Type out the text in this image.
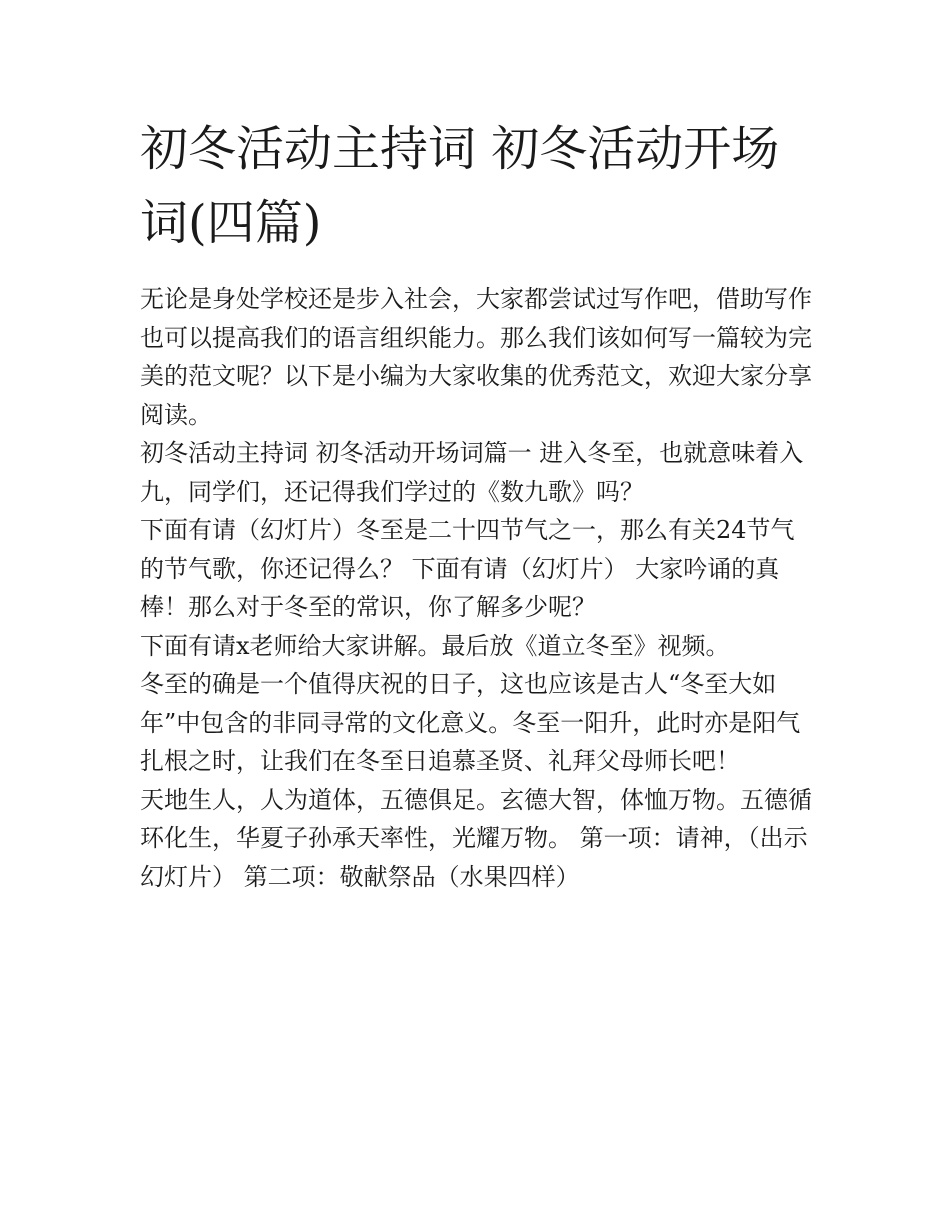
初冬活动主持词 初冬活动开场词(四篇)

无论是身处学校还是步入社会，大家都尝试过写作吧，借助写作也可以提高我们的语言组织能力。那么我们该如何写一篇较为完美的范文呢？以下是小编为大家收集的优秀范文，欢迎大家分享阅读。

初冬活动主持词 初冬活动开场词篇一 进入冬至，也就意味着入九，同学们，还记得我们学过的《数九歌》吗？

下面有请（幻灯片）冬至是二十四节气之一，那么有关24节气的节气歌，你还记得么？ 下面有请（幻灯片） 大家吟诵的真棒！那么对于冬至的常识，你了解多少呢？

下面有请x老师给大家讲解。最后放《道立冬至》视频。

冬至的确是一个值得庆祝的日子，这也应该是古人“冬至大如年”中包含的非同寻常的文化意义。冬至一阳升，此时亦是阳气扎根之时，让我们在冬至日追慕圣贤、礼拜父母师长吧！

天地生人，人为道体，五德俱足。玄德大智，体恤万物。五德循环化生，华夏子孙承天率性，光耀万物。 第一项：请神，（出示幻灯片） 第二项：敬献祭品（水果四样）
